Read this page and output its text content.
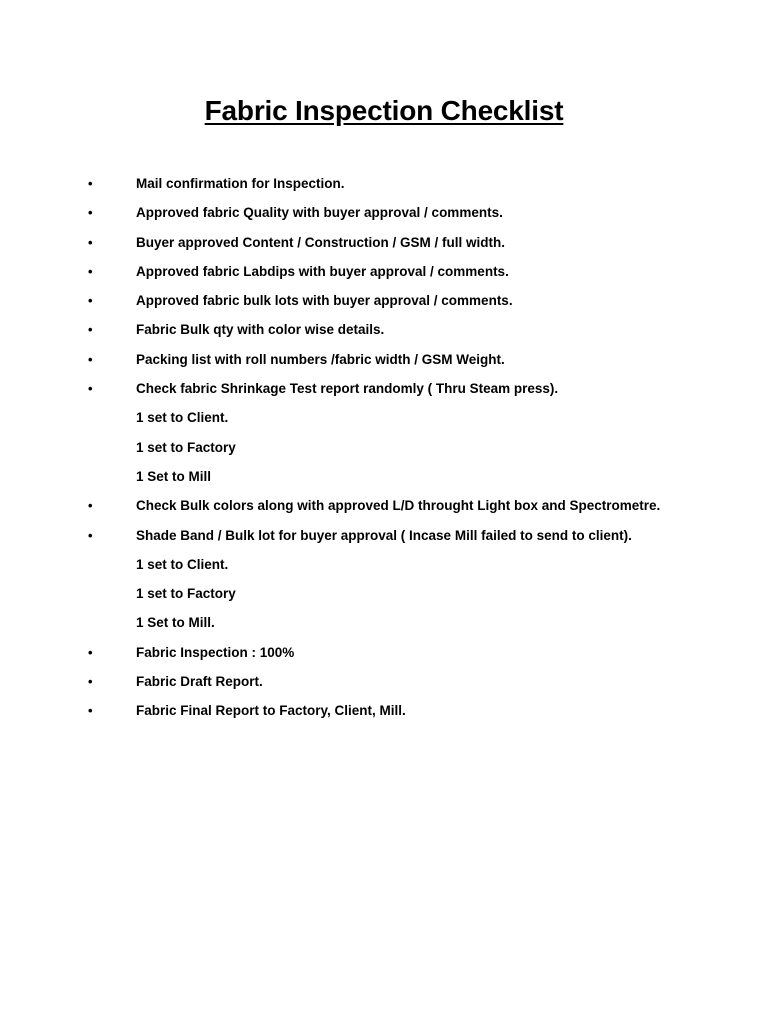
Fabric Inspection Checklist
•	Mail confirmation for Inspection.
•	Approved fabric Quality with buyer approval / comments.
•	Buyer approved Content / Construction / GSM / full width.
•	Approved fabric Labdips with buyer approval / comments.
•	Approved fabric bulk lots with buyer approval / comments.
•	Fabric Bulk qty with color wise details.
•	Packing list with roll numbers /fabric width / GSM Weight.
•	Check fabric Shrinkage Test report randomly ( Thru Steam press).
1 set to Client.
1 set to Factory
1 Set to Mill
•	Check Bulk colors along with approved L/D throught Light box and Spectrometre.
•	Shade Band / Bulk lot for buyer approval ( Incase Mill failed to send to client).
1 set to Client.
1 set to Factory
1 Set to Mill.
•	Fabric Inspection : 100%
•	Fabric Draft Report.
•	Fabric Final Report to Factory, Client, Mill.
